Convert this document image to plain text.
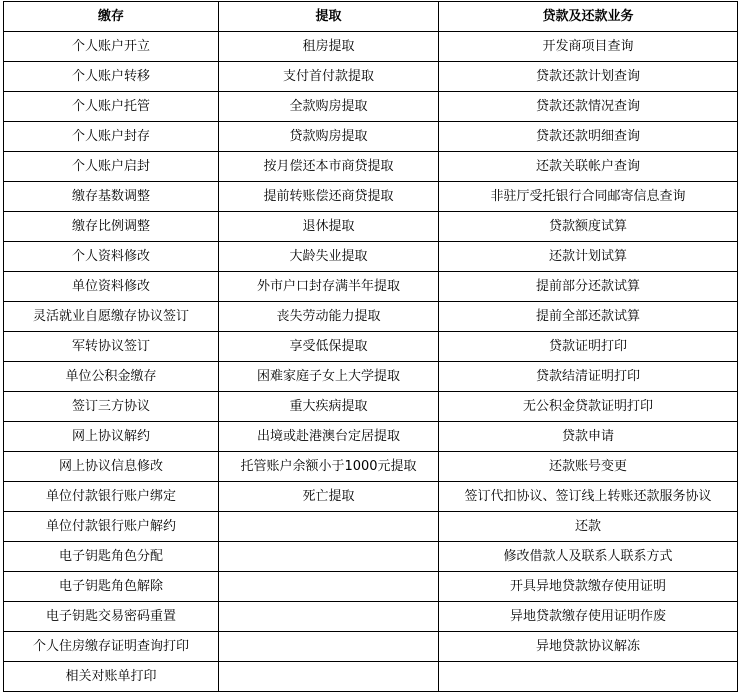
缴存	提取	贷款及还款业务
个人账户开立	租房提取	开发商项目查询
个人账户转移	支付首付款提取	贷款还款计划查询
个人账户托管	全款购房提取	贷款还款情况查询
个人账户封存	贷款购房提取	贷款还款明细查询
个人账户启封	按月偿还本市商贷提取	还款关联帐户查询
缴存基数调整	提前转账偿还商贷提取	非驻厅受托银行合同邮寄信息查询
缴存比例调整	退休提取	贷款额度试算
个人资料修改	大龄失业提取	还款计划试算
单位资料修改	外市户口封存满半年提取	提前部分还款试算
灵活就业自愿缴存协议签订	丧失劳动能力提取	提前全部还款试算
军转协议签订	享受低保提取	贷款证明打印
单位公积金缴存	困难家庭子女上大学提取	贷款结清证明打印
签订三方协议	重大疾病提取	无公积金贷款证明打印
网上协议解约	出境或赴港澳台定居提取	贷款申请
网上协议信息修改	托管账户余额小于1000元提取	还款账号变更
单位付款银行账户绑定	死亡提取	签订代扣协议、签订线上转账还款服务协议
单位付款银行账户解约		还款
电子钥匙角色分配		修改借款人及联系人联系方式
电子钥匙角色解除		开具异地贷款缴存使用证明
电子钥匙交易密码重置		异地贷款缴存使用证明作废
个人住房缴存证明查询打印		异地贷款协议解冻
相关对账单打印		
